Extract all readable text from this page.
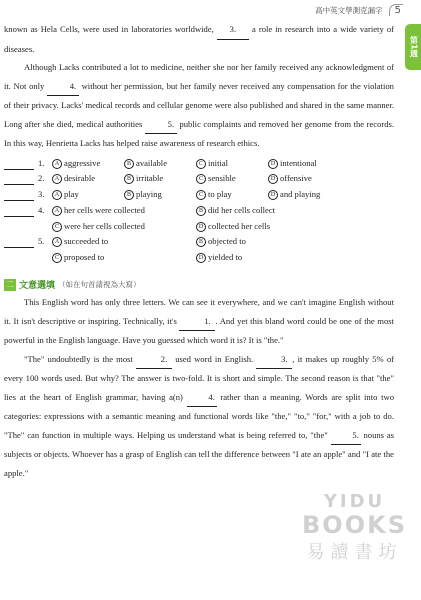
高中英文學測克漏字	5
第1週

known as Hela Cells, were used in laboratories worldwide, 3. a role in research into a wide variety of diseases.

Although Lacks contributed a lot to medicine, neither she nor her family received any acknowledgment of it. Not only	4. without her permission, but her family never received any compensation for the violation of their privacy. Lacks' medical records and cellular genome were also published and shared in the same manner. Long after she died, medical authorities	5. public complaints and removed her genome from the records. In this way, Henrietta Lacks has helped raise awareness of research ethics.

1.	A aggressive	B available	C initial	D intentional
2.	A desirable	B irritable	C sensible	D offensive
3.	A play	B playing	C to play	D and playing
4.	A her cells were collected	B did her cells collect
C were her cells collected	D collected her cells
5.	A succeeded to	B objected to
C proposed to	D yielded to
二 文意選填 （如在句首請視為大寫）

This English word has only three letters. We can see it everywhere, and we can't imagine English without it. It isn't descriptive or inspiring. Technically, it's	1. . And yet this bland word could be one of the most powerful in the English language. Have you guessed which word it is? It is "the."

"The" undoubtedly is the most	2. used word in English.	3. , it makes up roughly 5% of every 100 words used. But why? The answer is two-fold. It is short and simple. The second reason is that "the" lies at the heart of English grammar, having a(n)	4. rather than a meaning. Words are split into two categories: expressions with a semantic meaning and functional words like "the," "to," "for," with a job to do. "The" can function in multiple ways. Helping us understand what is being referred to, "the"	5. nouns as subjects or objects. Whoever has a grasp of English can tell the difference between "I ate an apple" and "I ate the apple."

YIDU
BOOKS
易讀書坊
